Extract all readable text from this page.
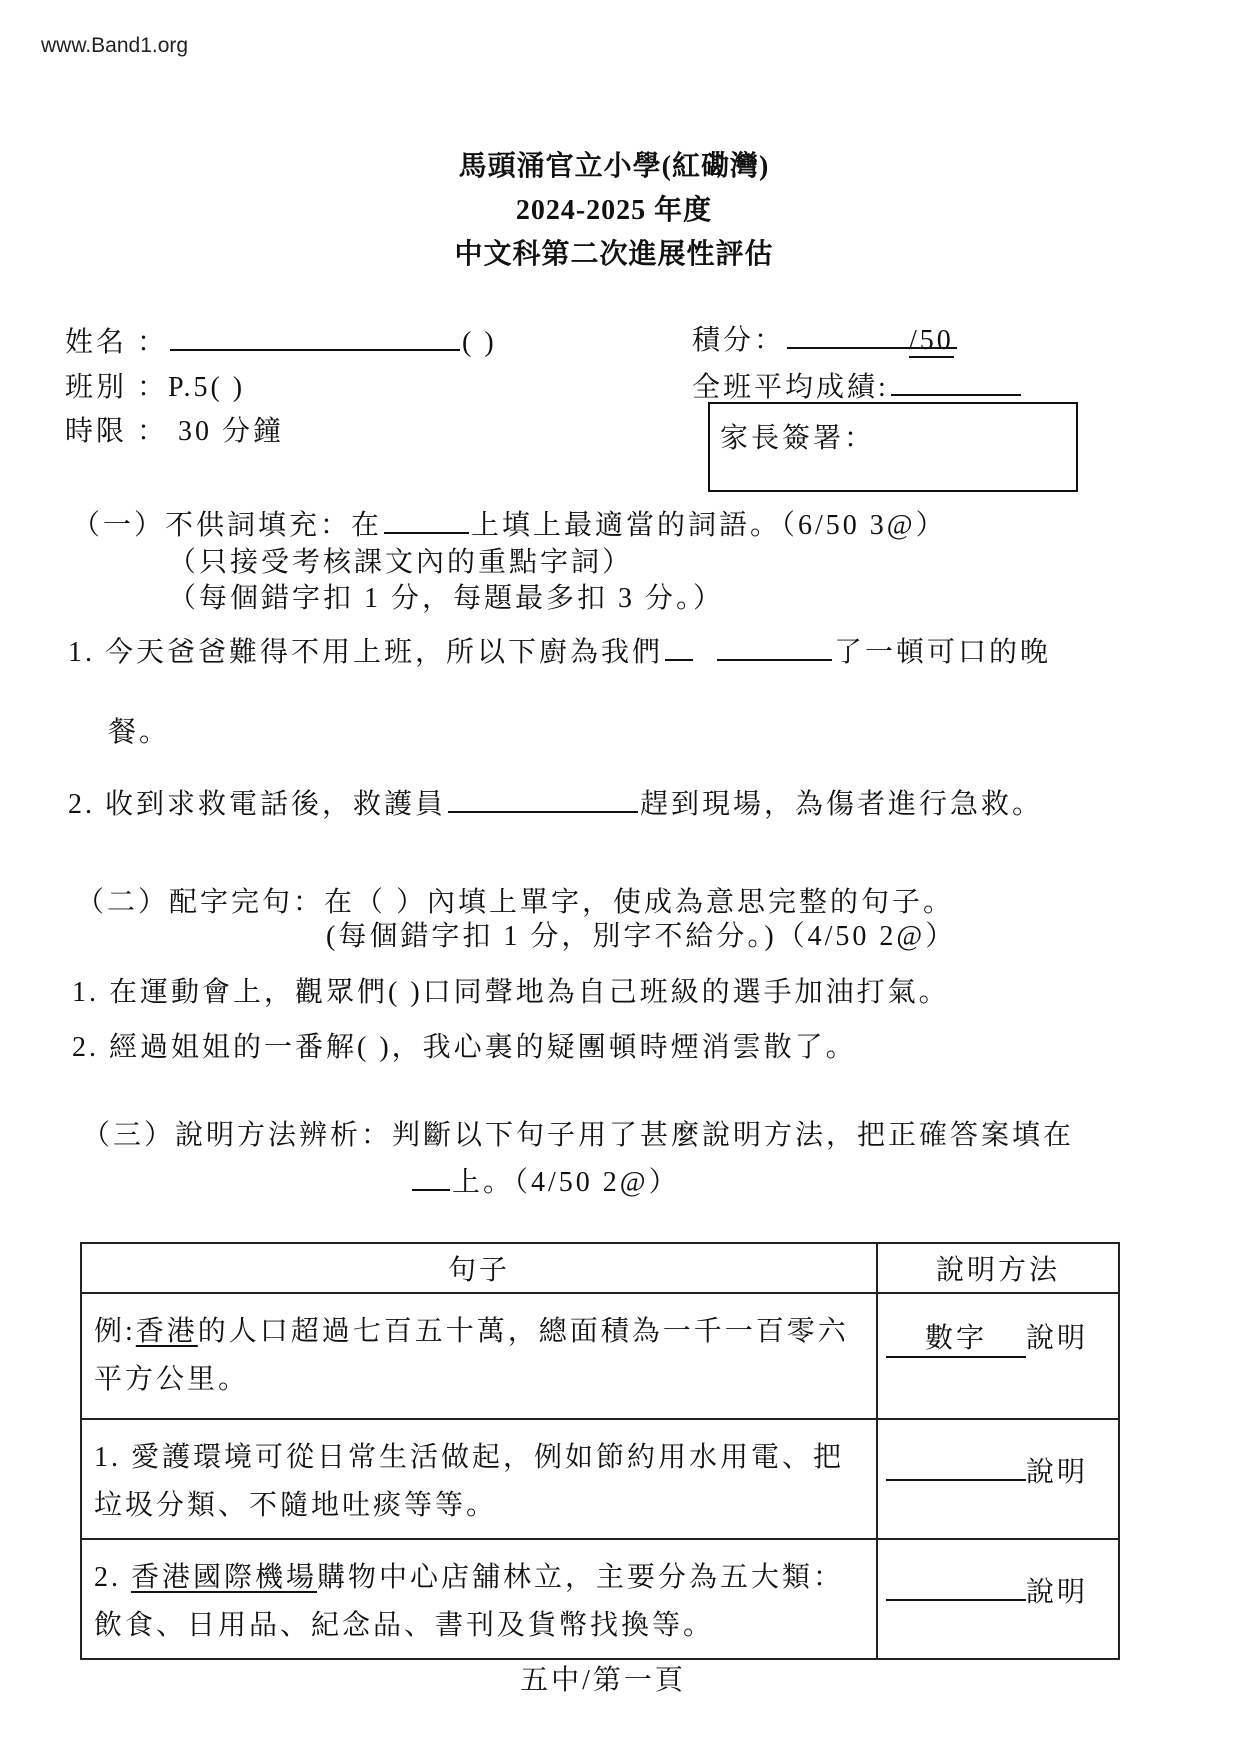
www.Band1.org
馬頭涌官立小學(紅磡灣)
2024-2025 年度
中文科第二次進展性評估
姓名 ：	( )
班別 ：P.5( )
時限 ： 30 分鐘
積分：	/50
全班平均成績:
家長簽署：
（一）不供詞填充：在	上填上最適當的詞語。（6/50 3@）
（只接受考核課文內的重點字詞）
（每個錯字扣 1 分，每題最多扣 3 分。）
1. 今天爸爸難得不用上班，所以下廚為我們	了一頓可口的晚
餐。
2. 收到求救電話後，救護員	趕到現場，為傷者進行急救。
（二）配字完句：在（ ）內填上單字，使成為意思完整的句子。
(每個錯字扣 1 分，別字不給分。)（4/50 2@）
1. 在運動會上，觀眾們( )口同聲地為自己班級的選手加油打氣。
2. 經過姐姐的一番解( )，我心裏的疑團頓時煙消雲散了。
（三）說明方法辨析：判斷以下句子用了甚麼說明方法，把正確答案填在
上。（4/50 2@）
句子	說明方法
例:香港的人口超過七百五十萬，總面積為一千一百零六平方公里。	數字 說明
1. 愛護環境可從日常生活做起，例如節約用水用電、把垃圾分類、不隨地吐痰等等。	說明
2. 香港國際機場購物中心店舖林立，主要分為五大類：飲食、日用品、紀念品、書刊及貨幣找換等。	說明
五中/第一頁
